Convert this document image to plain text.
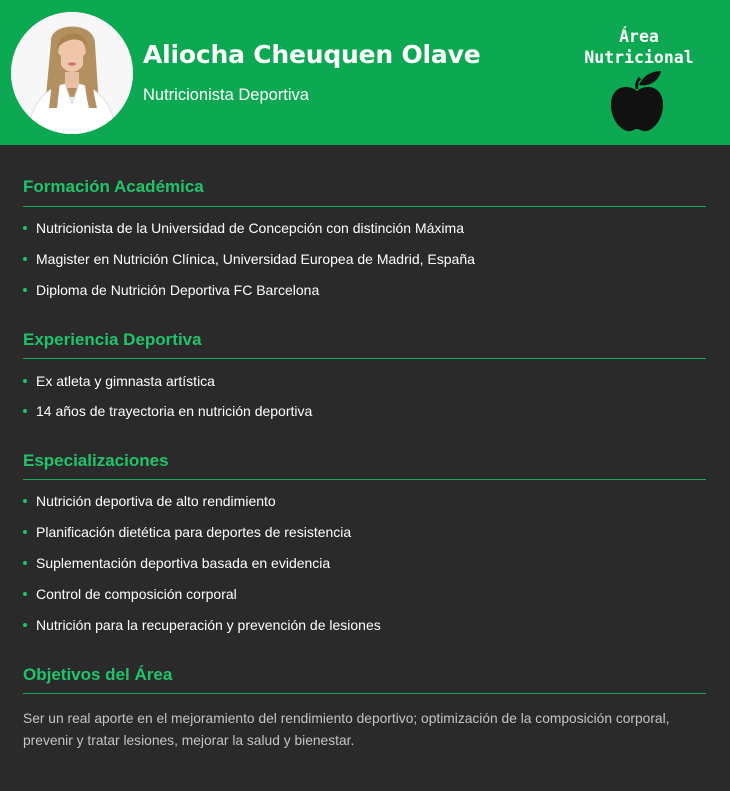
Aliocha Cheuquen Olave
Nutricionista Deportiva
Área
Nutricional
Formación Académica
Nutricionista de la Universidad de Concepción con distinción Máxima
Magister en Nutrición Clínica, Universidad Europea de Madrid, España
Diploma de Nutrición Deportiva FC Barcelona
Experiencia Deportiva
Ex atleta y gimnasta artística
14 años de trayectoria en nutrición deportiva
Especializaciones
Nutrición deportiva de alto rendimiento
Planificación dietética para deportes de resistencia
Suplementación deportiva basada en evidencia
Control de composición corporal
Nutrición para la recuperación y prevención de lesiones
Objetivos del Área
Ser un real aporte en el mejoramiento del rendimiento deportivo; optimización de la composición corporal, prevenir y tratar lesiones, mejorar la salud y bienestar.
